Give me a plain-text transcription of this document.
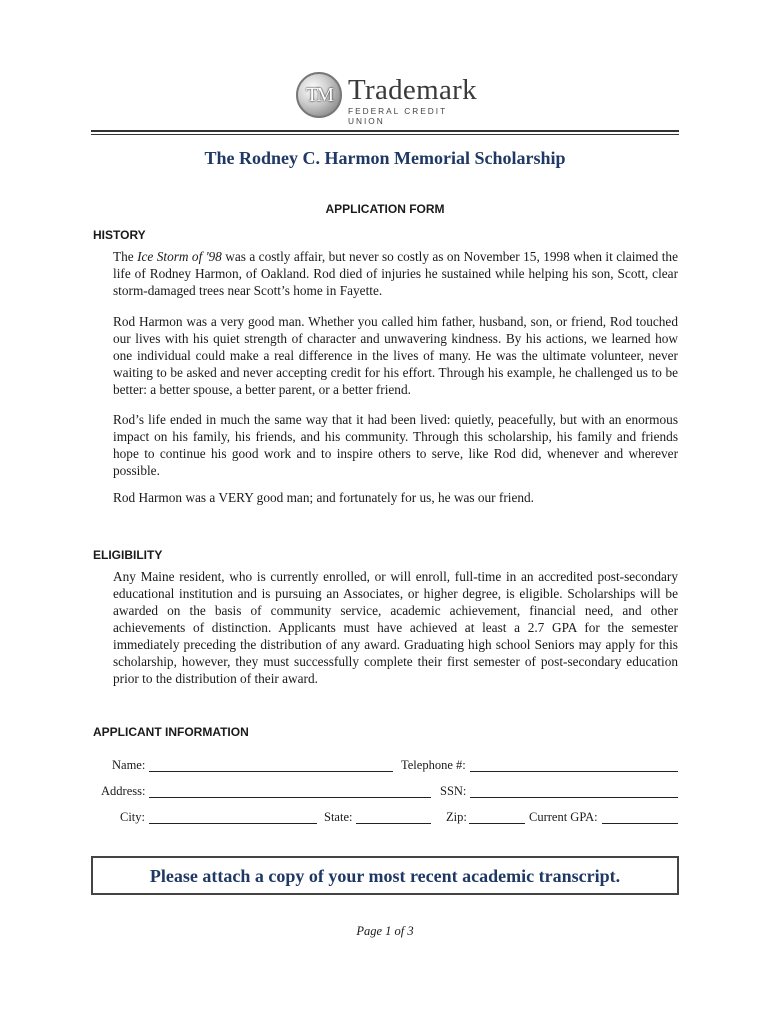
TM Trademark
FEDERAL CREDIT UNION
The Rodney C. Harmon Memorial Scholarship
APPLICATION FORM
HISTORY
The Ice Storm of '98 was a costly affair, but never so costly as on November 15, 1998 when it claimed the life of Rodney Harmon, of Oakland. Rod died of injuries he sustained while helping his son, Scott, clear storm-damaged trees near Scott’s home in Fayette.
Rod Harmon was a very good man. Whether you called him father, husband, son, or friend, Rod touched our lives with his quiet strength of character and unwavering kindness. By his actions, we learned how one individual could make a real difference in the lives of many. He was the ultimate volunteer, never waiting to be asked and never accepting credit for his effort. Through his example, he challenged us to be better: a better spouse, a better parent, or a better friend.
Rod’s life ended in much the same way that it had been lived: quietly, peacefully, but with an enormous impact on his family, his friends, and his community. Through this scholarship, his family and friends hope to continue his good work and to inspire others to serve, like Rod did, whenever and wherever possible.
Rod Harmon was a VERY good man; and fortunately for us, he was our friend.
ELIGIBILITY
Any Maine resident, who is currently enrolled, or will enroll, full-time in an accredited post-secondary educational institution and is pursuing an Associates, or higher degree, is eligible. Scholarships will be awarded on the basis of community service, academic achievement, financial need, and other achievements of distinction. Applicants must have achieved at least a 2.7 GPA for the semester immediately preceding the distribution of any award. Graduating high school Seniors may apply for this scholarship, however, they must successfully complete their first semester of post-secondary education prior to the distribution of their award.
APPLICANT INFORMATION
Name:	Telephone #:
Address:	SSN:
City:	State:	Zip:	Current GPA:
Please attach a copy of your most recent academic transcript.
Page 1 of 3
